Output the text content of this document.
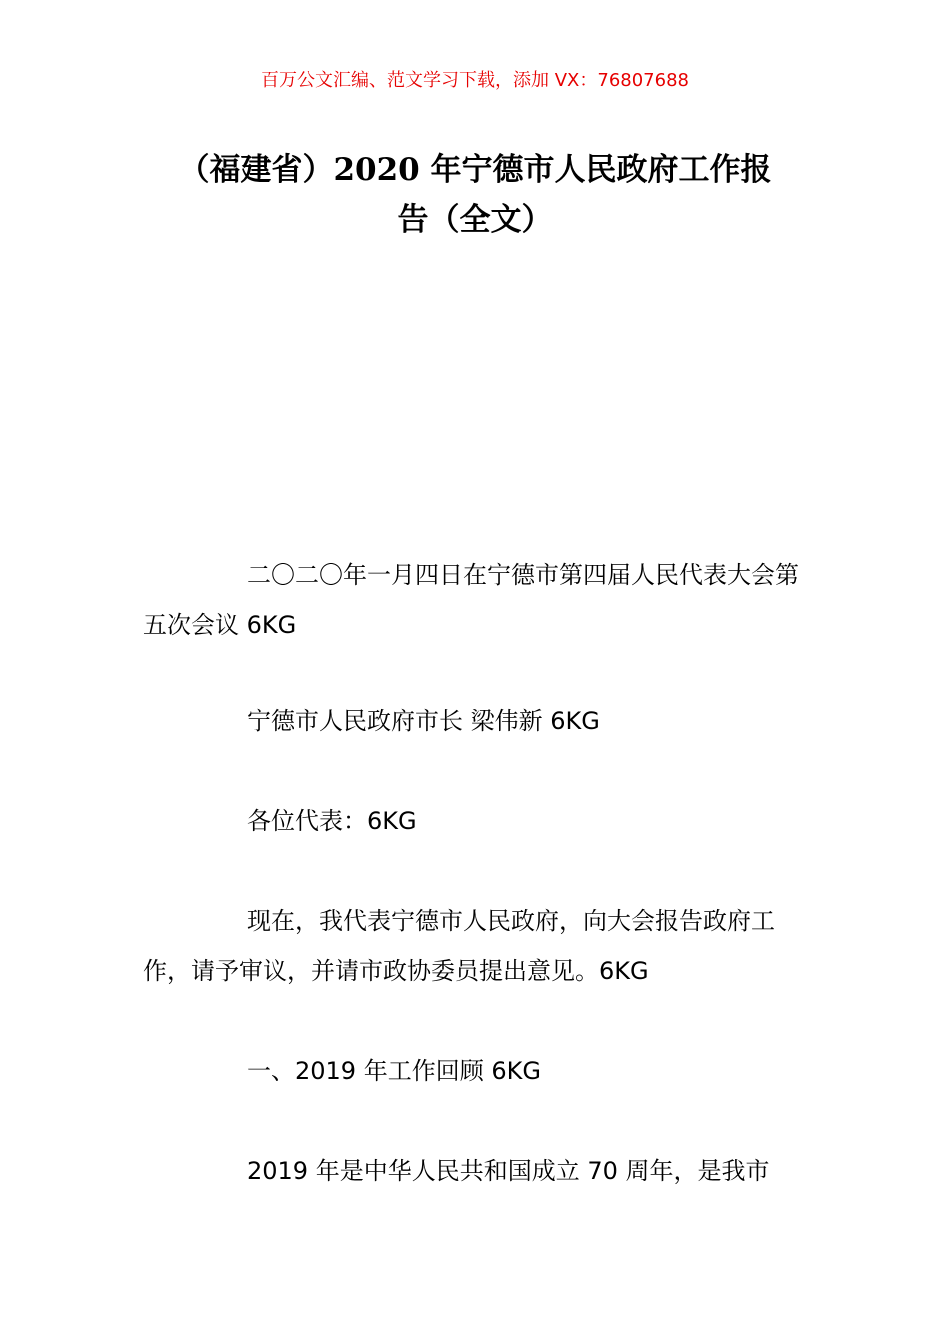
百万公文汇编、范文学习下载，添加 VX：76807688
（福建省）2020 年宁德市人民政府工作报
告（全文）
二〇二〇年一月四日在宁德市第四届人民代表大会第五次会议 6KG
宁德市人民政府市长 梁伟新 6KG
各位代表：6KG
现在，我代表宁德市人民政府，向大会报告政府工作，请予审议，并请市政协委员提出意见。6KG
一、2019 年工作回顾 6KG
2019 年是中华人民共和国成立 70 周年，是我市
